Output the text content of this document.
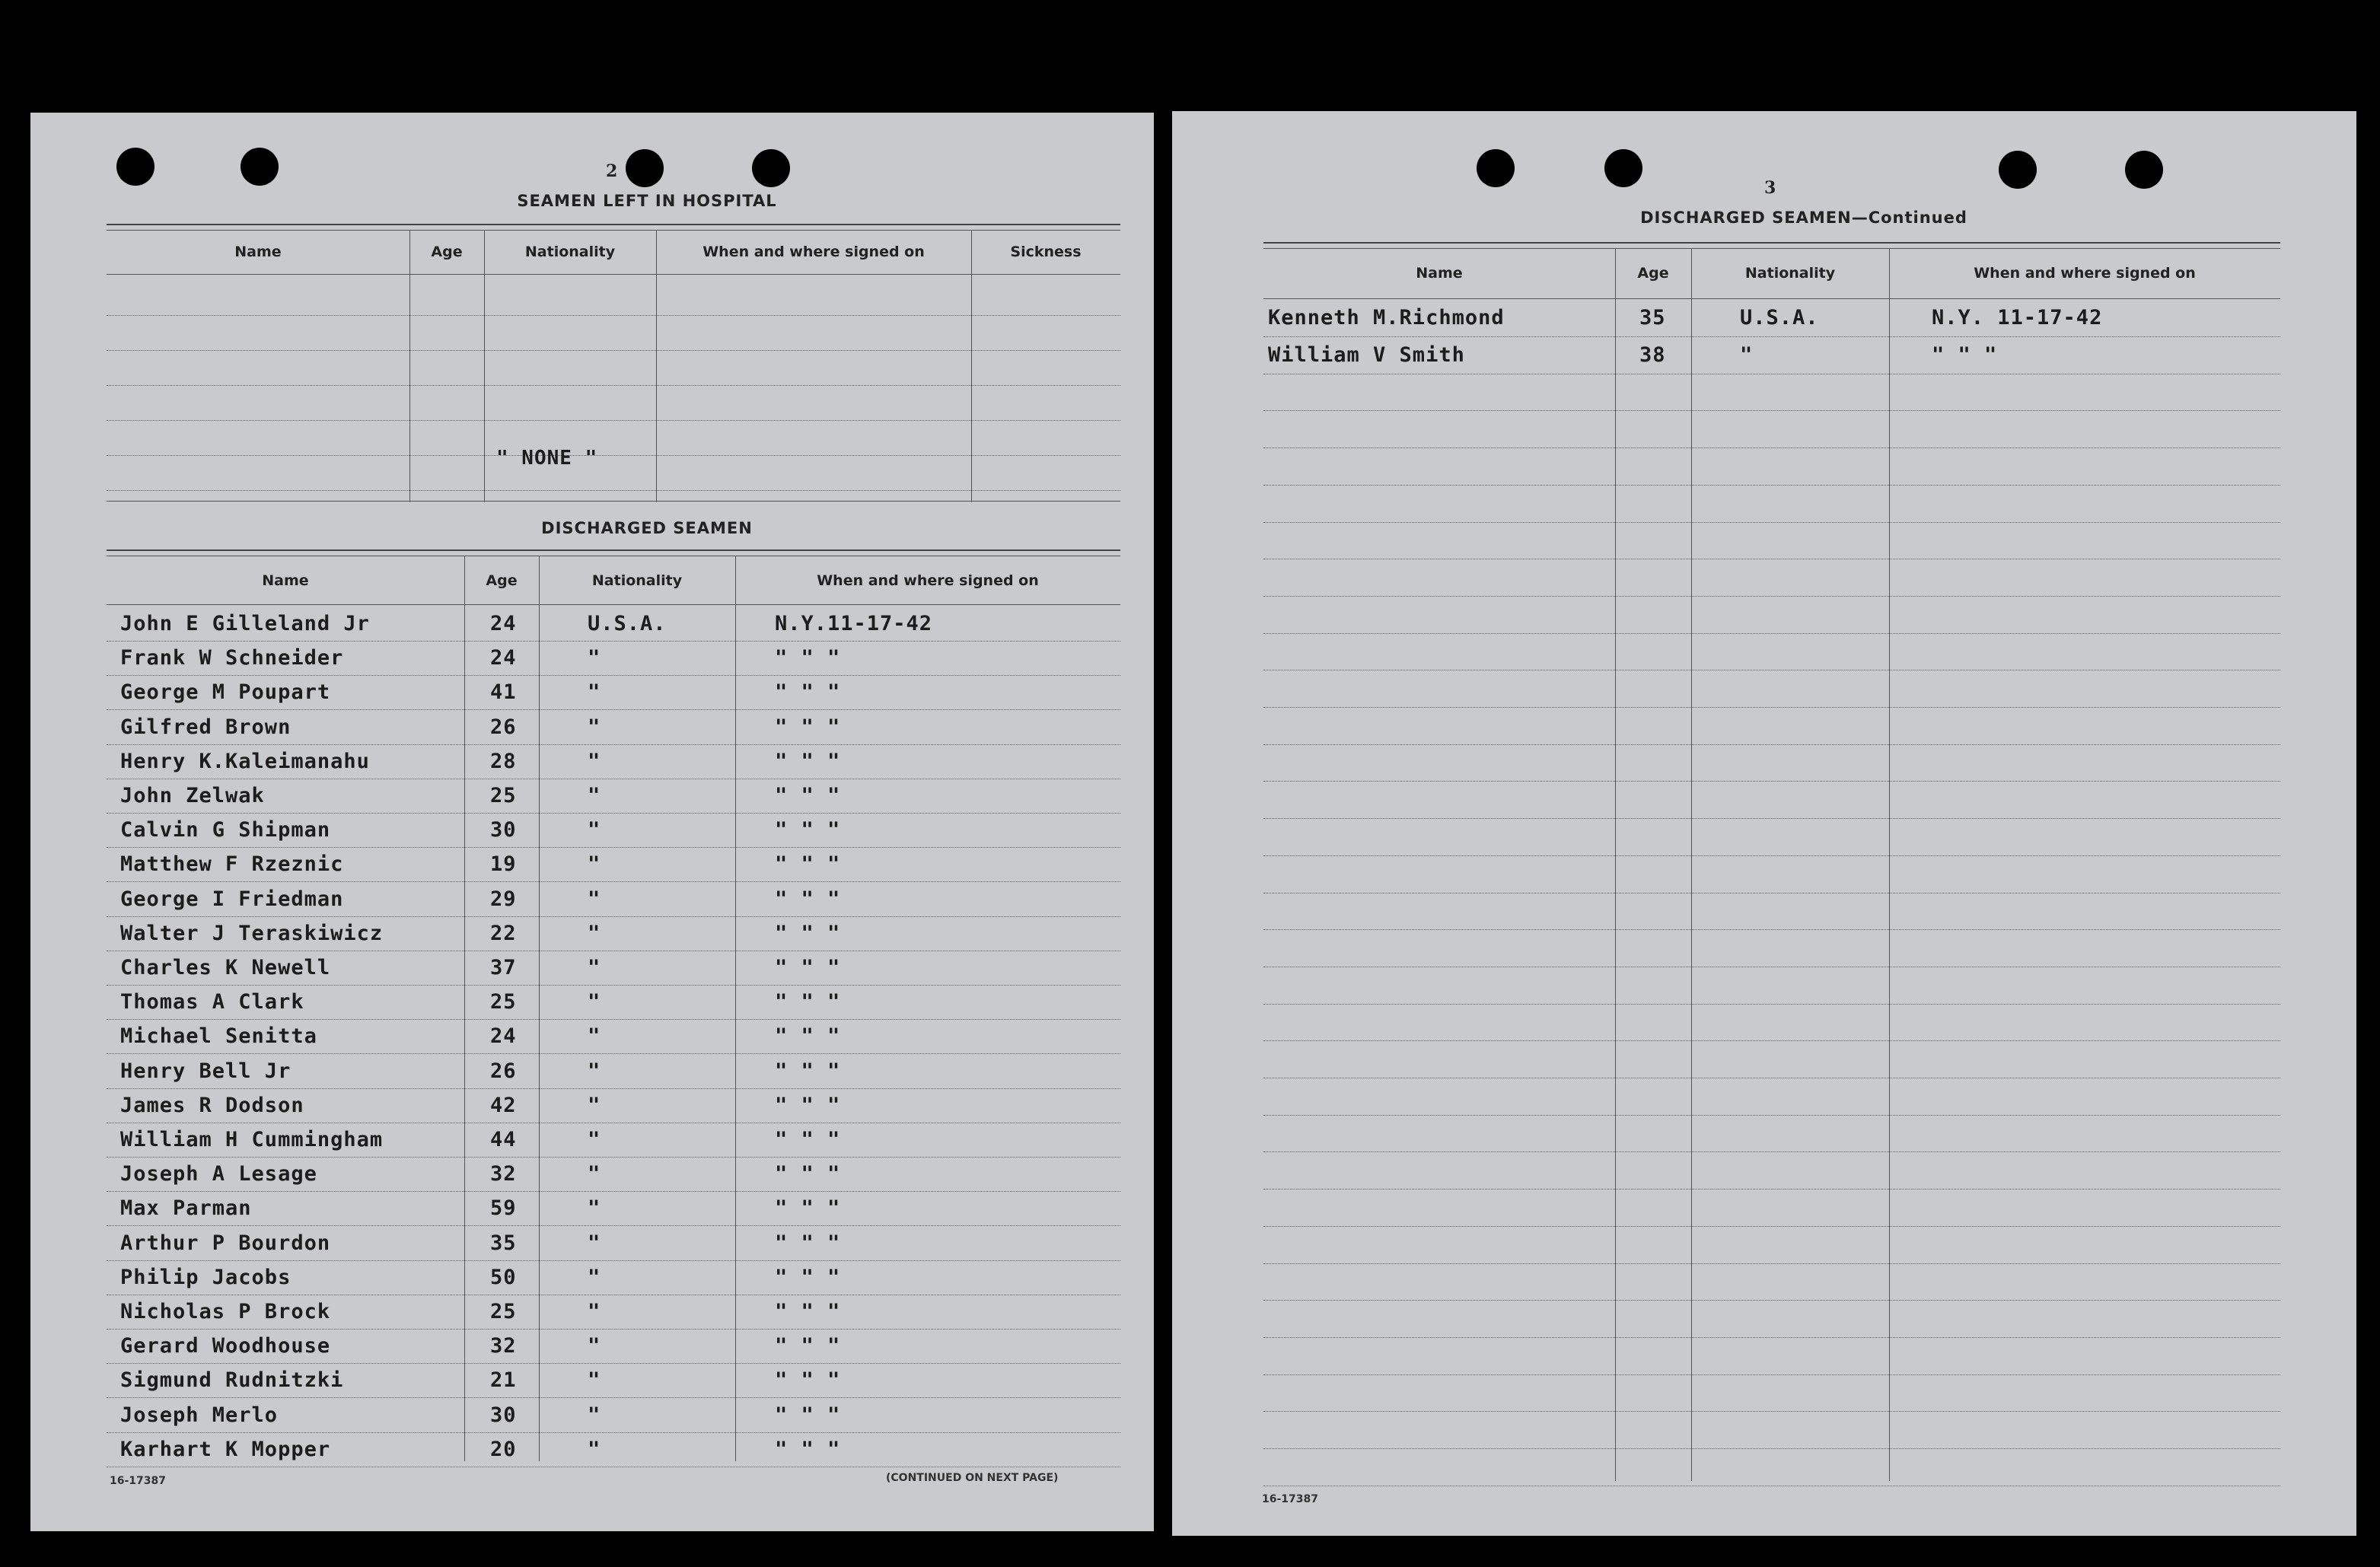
2
SEAMEN LEFT IN HOSPITAL
Name	Age	Nationality	When and where signed on	Sickness
" NONE "
DISCHARGED SEAMEN
Name	Age	Nationality	When and where signed on
John E Gilleland Jr	24	U.S.A.	N.Y.11-17-42
Frank W Schneider	24	"	" " "
George M Poupart	41	"	" " "
Gilfred Brown	26	"	" " "
Henry K.Kaleimanahu	28	"	" " "
John Zelwak	25	"	" " "
Calvin G Shipman	30	"	" " "
Matthew F Rzeznic	19	"	" " "
George I Friedman	29	"	" " "
Walter J Teraskiwicz	22	"	" " "
Charles K Newell	37	"	" " "
Thomas A Clark	25	"	" " "
Michael Senitta	24	"	" " "
Henry Bell Jr	26	"	" " "
James R Dodson	42	"	" " "
William H Cummingham	44	"	" " "
Joseph A Lesage	32	"	" " "
Max Parman	59	"	" " "
Arthur P Bourdon	35	"	" " "
Philip Jacobs	50	"	" " "
Nicholas P Brock	25	"	" " "
Gerard Woodhouse	32	"	" " "
Sigmund Rudnitzki	21	"	" " "
Joseph Merlo	30	"	" " "
Karhart K Mopper	20	"	" " "
16-17387	(CONTINUED ON NEXT PAGE)
3
DISCHARGED SEAMEN—Continued
Name	Age	Nationality	When and where signed on
Kenneth M.Richmond	35	U.S.A.	N.Y. 11-17-42
William V Smith	38	"	" " "
16-17387
